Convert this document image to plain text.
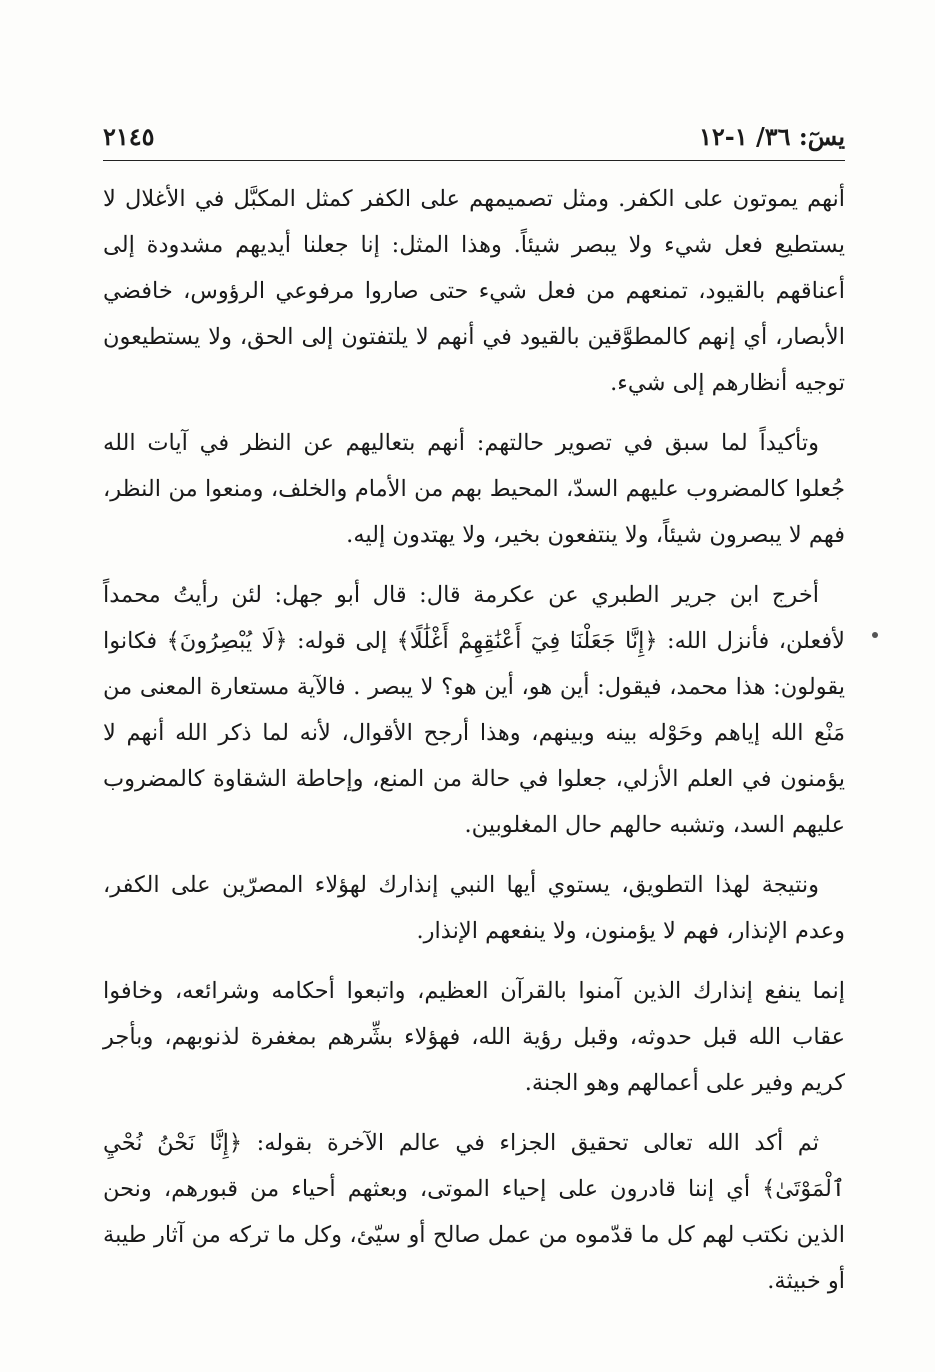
يسٓ: ٣٦/ ١-١٢
٢١٤٥

أنهم يموتون على الكفر. ومثل تصميمهم على الكفر كمثل المكبَّل في الأغلال لا يستطيع فعل شيء ولا يبصر شيئاً. وهذا المثل: إنا جعلنا أيديهم مشدودة إلى أعناقهم بالقيود، تمنعهم من فعل شيء حتى صاروا مرفوعي الرؤوس، خافضي الأبصار، أي إنهم كالمطوَّقين بالقيود في أنهم لا يلتفتون إلى الحق، ولا يستطيعون توجيه أنظارهم إلى شيء.

وتأكيداً لما سبق في تصوير حالتهم: أنهم بتعاليهم عن النظر في آيات الله جُعلوا كالمضروب عليهم السدّ، المحيط بهم من الأمام والخلف، ومنعوا من النظر، فهم لا يبصرون شيئاً، ولا ينتفعون بخير، ولا يهتدون إليه.

أخرج ابن جرير الطبري عن عكرمة قال: قال أبو جهل: لئن رأيتُ محمداً لأفعلن، فأنزل الله: ﴿إِنَّا جَعَلْنَا فِيٓ أَعْنَٰقِهِمْ أَغْلَٰلًا﴾ إلى قوله: ﴿لَا يُبْصِرُونَ﴾ فكانوا يقولون: هذا محمد، فيقول: أين هو، أين هو؟ لا يبصر . فالآية مستعارة المعنى من مَنْع الله إياهم وحَوْله بينه وبينهم، وهذا أرجح الأقوال، لأنه لما ذكر الله أنهم لا يؤمنون في العلم الأزلي، جعلوا في حالة من المنع، وإحاطة الشقاوة كالمضروب عليهم السد، وتشبه حالهم حال المغلوبين.

ونتيجة لهذا التطويق، يستوي أيها النبي إنذارك لهؤلاء المصرّين على الكفر، وعدم الإنذار، فهم لا يؤمنون، ولا ينفعهم الإنذار.

إنما ينفع إنذارك الذين آمنوا بالقرآن العظيم، واتبعوا أحكامه وشرائعه، وخافوا عقاب الله قبل حدوثه، وقبل رؤية الله، فهؤلاء بشِّرهم بمغفرة لذنوبهم، وبأجر كريم وفير على أعمالهم وهو الجنة.

ثم أكد الله تعالى تحقيق الجزاء في عالم الآخرة بقوله: ﴿إِنَّا نَحْنُ نُحْيِ ٱلْمَوْتَىٰ﴾ أي إننا قادرون على إحياء الموتى، وبعثهم أحياء من قبورهم، ونحن الذين نكتب لهم كل ما قدّموه من عمل صالح أو سيّئ، وكل ما تركه من آثار طيبة أو خبيثة.
